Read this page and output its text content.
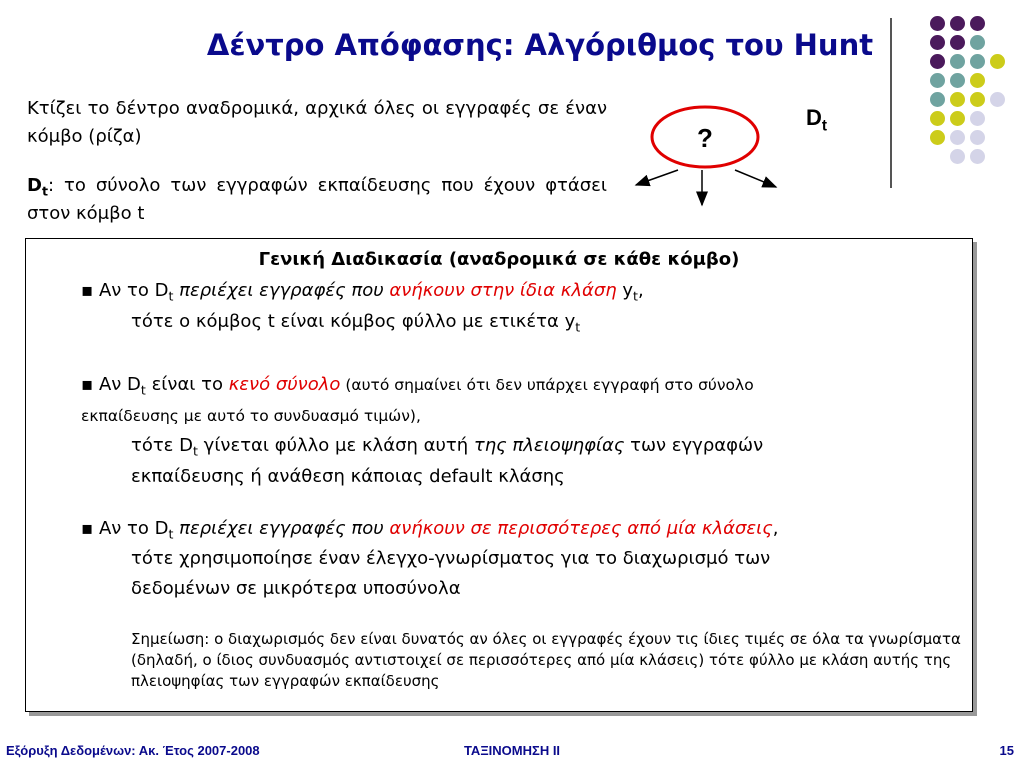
Δέντρο Απόφασης: Αλγόριθμος του Hunt
Κτίζει το δέντρο αναδρομικά, αρχικά όλες οι εγγραφές σε έναν κόμβο (ρίζα)
$D_t$: το σύνολο των εγγραφών εκπαίδευσης που έχουν φτάσει στον κόμβο t
?
$D_t$
Γενική Διαδικασία (αναδρομικά σε κάθε κόμβο)
▪ Αν το $D_t$ περιέχει εγγραφές που ανήκουν στην ίδια κλάση $y_t$,
τότε ο κόμβος t είναι κόμβος φύλλο με ετικέτα $y_t$
▪ Αν $D_t$ είναι το κενό σύνολο (αυτό σημαίνει ότι δεν υπάρχει εγγραφή στο σύνολο
εκπαίδευσης με αυτό το συνδυασμό τιμών),
τότε $D_t$ γίνεται φύλλο με κλάση αυτή της πλειοψηφίας των εγγραφών
εκπαίδευσης ή ανάθεση κάποιας default κλάσης
▪ Αν το $D_t$ περιέχει εγγραφές που ανήκουν σε περισσότερες από μία κλάσεις,
τότε χρησιμοποίησε έναν έλεγχο-γνωρίσματος για το διαχωρισμό των
δεδομένων σε μικρότερα υποσύνολα
Σημείωση: ο διαχωρισμός δεν είναι δυνατός αν όλες οι εγγραφές έχουν τις ίδιες τιμές σε όλα τα γνωρίσματα (δηλαδή, ο ίδιος συνδυασμός αντιστοιχεί σε περισσότερες από μία κλάσεις) τότε φύλλο με κλάση αυτής της πλειοψηφίας των εγγραφών εκπαίδευσης
Εξόρυξη Δεδομένων: Ακ. Έτος 2007-2008	ΤΑΞΙΝΟΜΗΣΗ ΙΙ	15
